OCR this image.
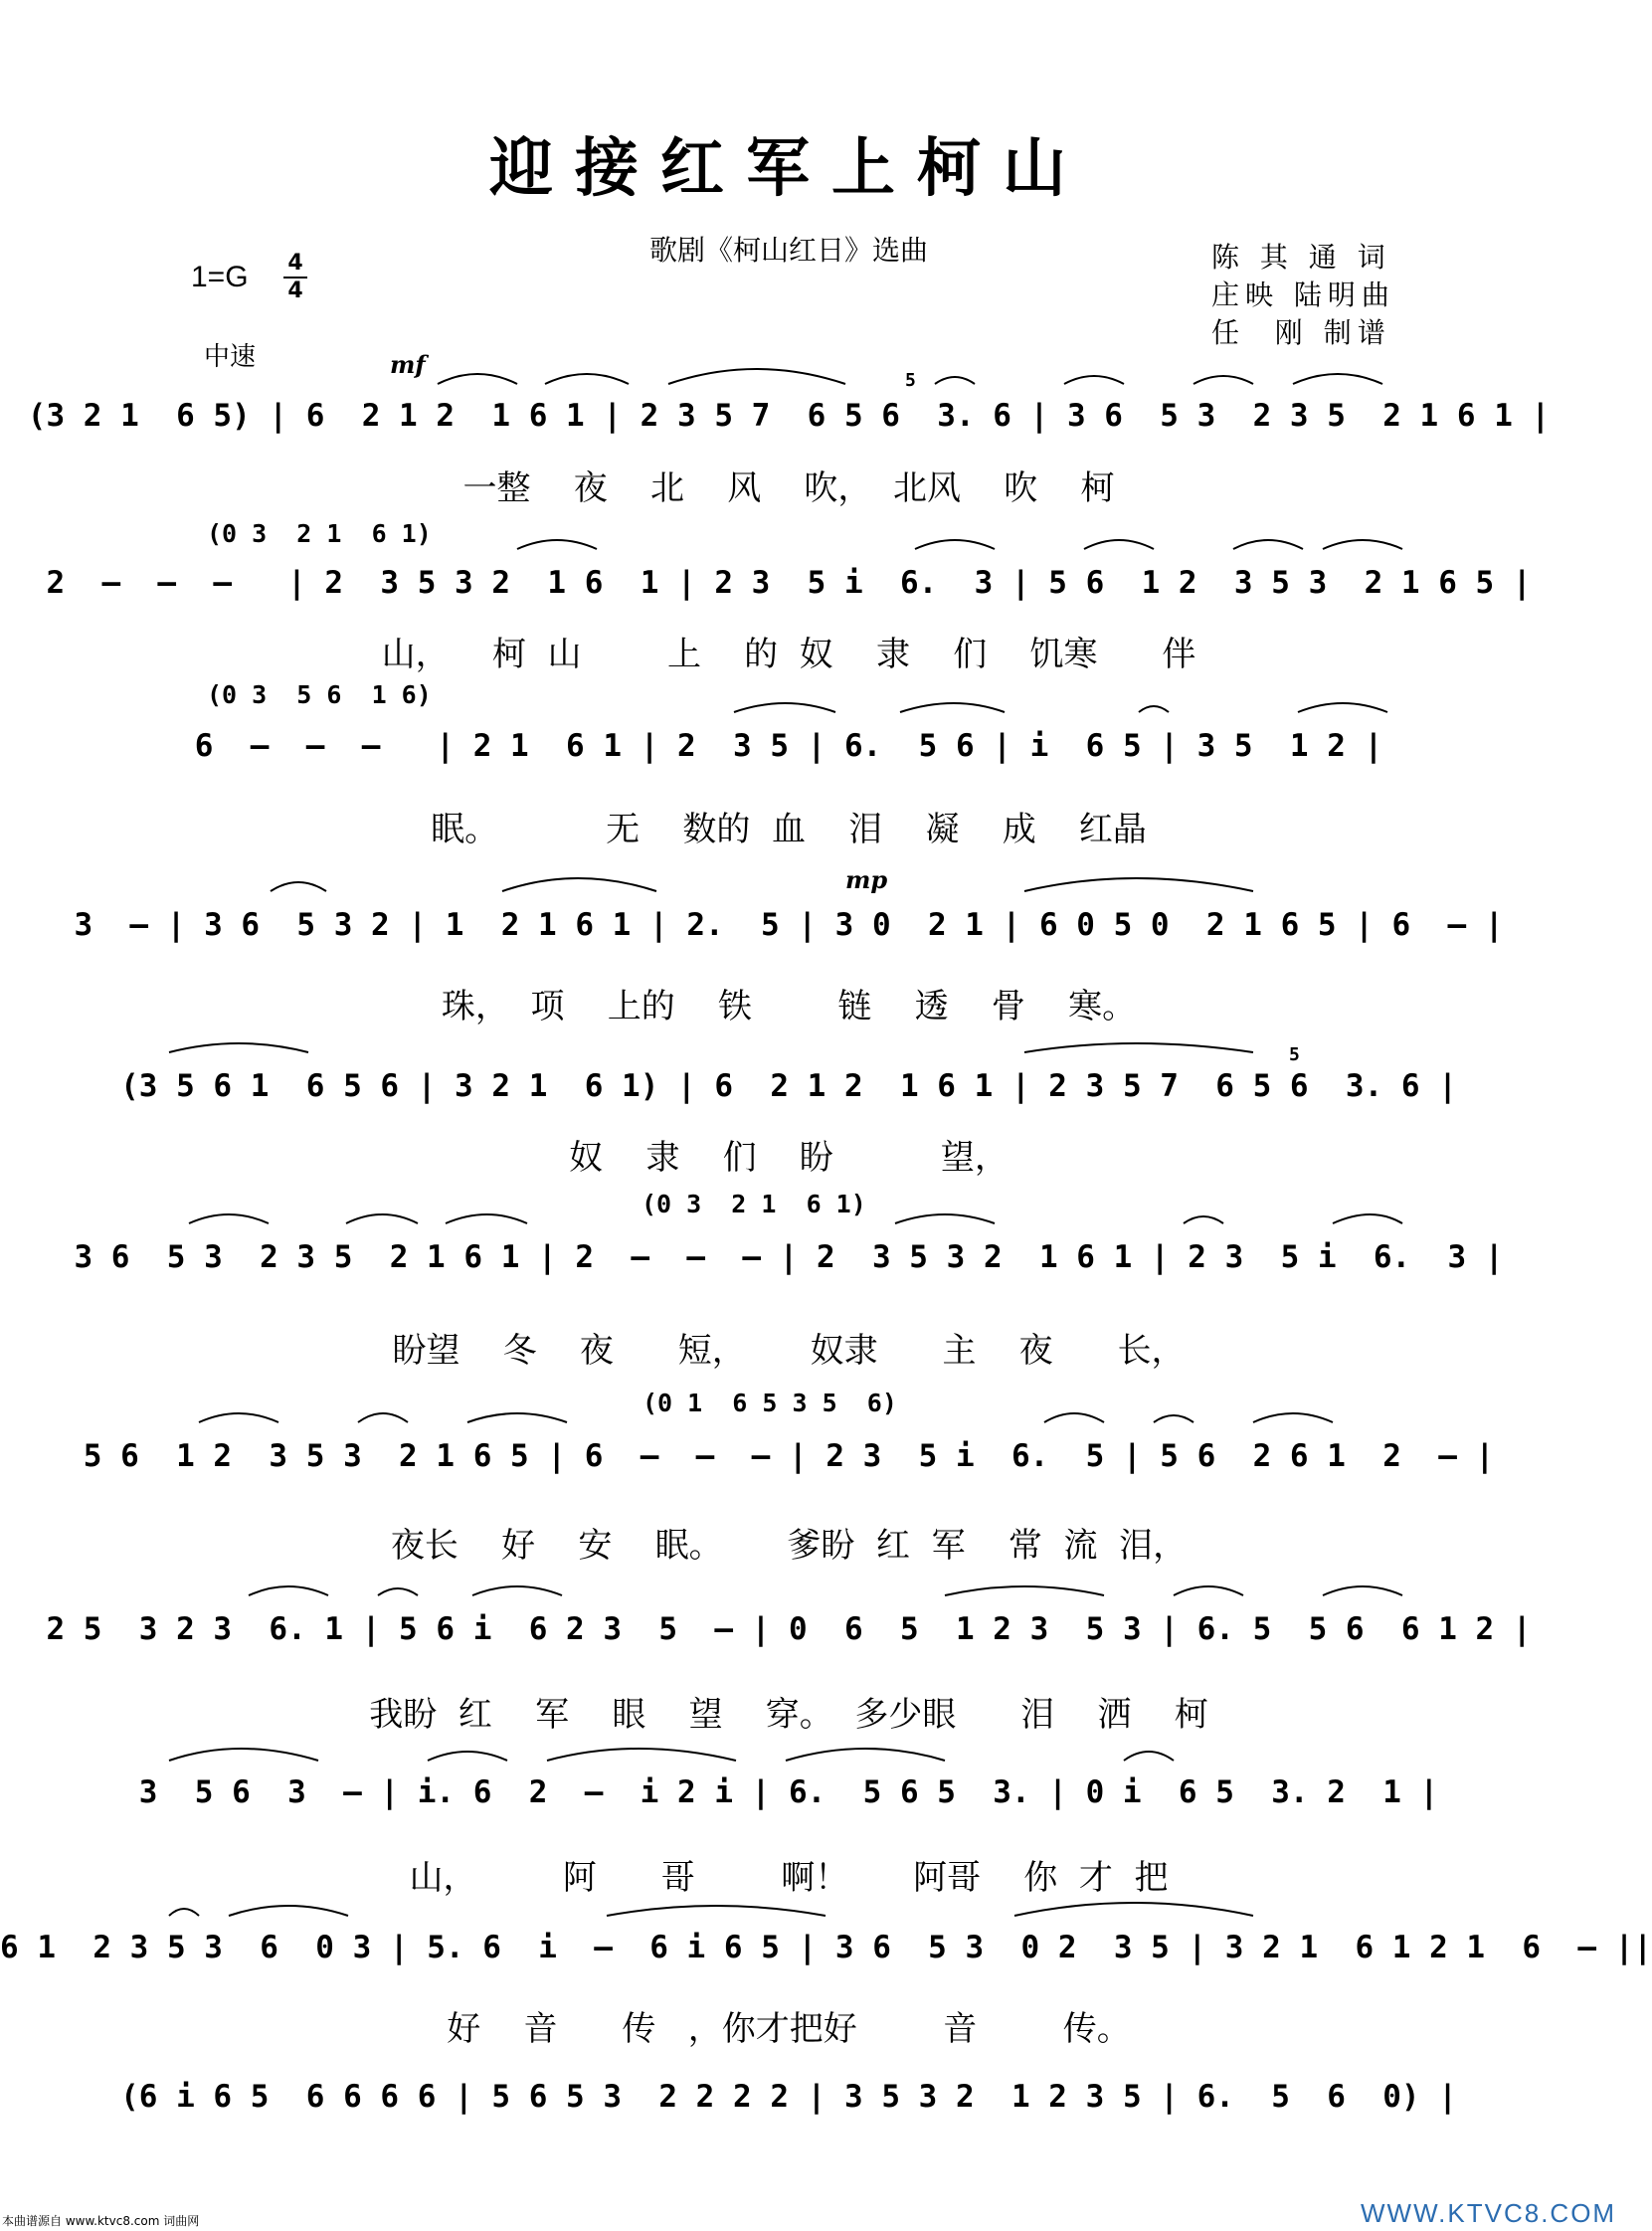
迎接红军上柯山
歌剧《柯山红日》选曲	陈 其 通 词
庄映 陆明曲
任  刚 制谱
1=G 4
4
中速	mf
mp
5
5
(3 2 1  6 5) | 6  2 1 2  1 6 1 | 2 3 5 7  6 5 6  3. 6 | 3 6  5 3  2 3 5  2 1 6 1 |
一整    夜    北    风    吹，  北风    吹    柯
(0 3  2 1  6 1)
2  –  –  –   | 2  3 5 3 2  1 6  1 | 2 3  5 i  6.  3 | 5 6  1 2  3 5 3  2 1 6 5 |
山，    柯  山        上    的  奴    隶    们    饥寒      伴
(0 3  5 6  1 6)
6  –  –  –   | 2 1  6 1 | 2  3 5 | 6.  5 6 | i  6 5 | 3 5  1 2 |
眠。          无    数的  血    泪    凝    成    红晶
3  – | 3 6  5 3 2 | 1  2 1 6 1 | 2.  5 | 3 0  2 1 | 6 0 5 0  2 1 6 5 | 6  – |
珠，  项    上的    铁        链    透    骨    寒。
(3 5 6 1  6 5 6 | 3 2 1  6 1) | 6  2 1 2  1 6 1 | 2 3 5 7  6 5 6  3. 6 |
奴    隶    们    盼          望，
(0 3  2 1  6 1)
3 6  5 3  2 3 5  2 1 6 1 | 2  –  –  – | 2  3 5 3 2  1 6 1 | 2 3  5 i  6.  3 |
盼望    冬    夜      短，      奴隶      主    夜      长，
(0 1  6 5 3 5  6)
5 6  1 2  3 5 3  2 1 6 5 | 6  –  –  – | 2 3  5 i  6.  5 | 5 6  2 6 1  2  – |
夜长    好    安    眠。      爹盼  红  军    常  流  泪，
2 5  3 2 3  6. 1 | 5 6 i  6 2 3  5  – | 0  6  5  1 2 3  5 3 | 6. 5  5 6  6 1 2 |
我盼  红    军    眼    望    穿。  多少眼      泪    洒    柯
3  5 6  3  – | i. 6  2  –  i 2 i | 6.  5 6 5  3. | 0 i  6 5  3. 2  1 |
山，        阿      哥        啊！      阿哥    你  才  把
6 1  2 3 5 3  6  0 3 | 5. 6  i  –  6 i 6 5 | 3 6  5 3  0 2  3 5 | 3 2 1  6 1 2 1  6  – ||
好    音      传   ，你才把好        音        传。
(6 i 6 5  6 6 6 6 | 5 6 5 3  2 2 2 2 | 3 5 3 2  1 2 3 5 | 6.  5  6  0) |
本曲谱源自 www.ktvc8.com 词曲网	WWW.KTVC8.COM
